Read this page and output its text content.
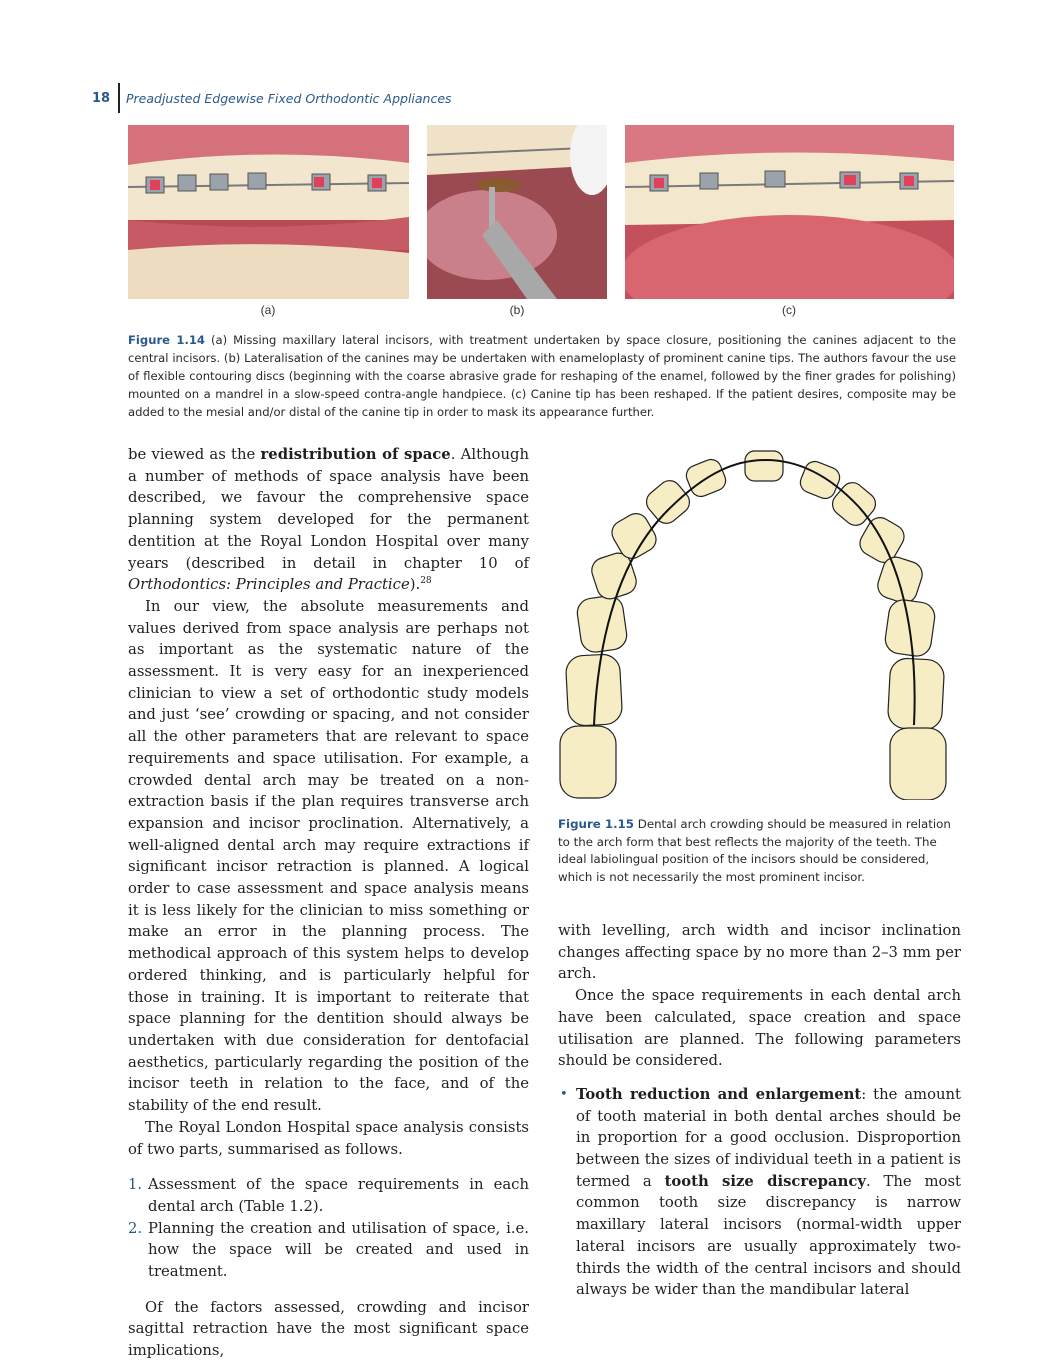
18	Preadjusted Edgewise Fixed Orthodontic Appliances
(a)	(b)	(c)
Figure 1.14 (a) Missing maxillary lateral incisors, with treatment undertaken by space closure, positioning the canines adjacent to the central incisors. (b) Lateralisation of the canines may be undertaken with enameloplasty of prominent canine tips. The authors favour the use of flexible contouring discs (beginning with the coarse abrasive grade for reshaping of the enamel, followed by the finer grades for polishing) mounted on a mandrel in a slow-speed contra-angle handpiece. (c) Canine tip has been reshaped. If the patient desires, composite may be added to the mesial and/or distal of the canine tip in order to mask its appearance further.

be viewed as the redistribution of space. Although a number of methods of space analysis have been described, we favour the comprehensive space planning system developed for the permanent dentition at the Royal London Hospital over many years (described in detail in chapter 10 of Orthodontics: Principles and Practice).$^{28}$

In our view, the absolute measurements and values derived from space analysis are perhaps not as important as the systematic nature of the assessment. It is very easy for an inexperienced clinician to view a set of orthodontic study models and just ‘see’ crowding or spacing, and not consider all the other parameters that are relevant to space requirements and space utilisation. For example, a crowded dental arch may be treated on a non-extraction basis if the plan requires transverse arch expansion and incisor proclination. Alternatively, a well-aligned dental arch may require extractions if significant incisor retraction is planned. A logical order to case assessment and space analysis means it is less likely for the clinician to miss something or make an error in the planning process. The methodical approach of this system helps to develop ordered thinking, and is particularly helpful for those in training. It is important to reiterate that space planning for the dentition should always be undertaken with due consideration for dentofacial aesthetics, particularly regarding the position of the incisor teeth in relation to the face, and of the stability of the end result.

The Royal London Hospital space analysis consists of two parts, summarised as follows.

1. Assessment of the space requirements in each dental arch (Table 1.2).
2. Planning the creation and utilisation of space, i.e. how the space will be created and used in treatment.

Of the factors assessed, crowding and incisor sagittal retraction have the most significant space implications,

Figure 1.15 Dental arch crowding should be measured in relation to the arch form that best reflects the majority of the teeth. The ideal labiolingual position of the incisors should be considered, which is not necessarily the most prominent incisor.

with levelling, arch width and incisor inclination changes affecting space by no more than 2–3 mm per arch.

Once the space requirements in each dental arch have been calculated, space creation and space utilisation are planned. The following parameters should be considered.

• Tooth reduction and enlargement: the amount of tooth material in both dental arches should be in proportion for a good occlusion. Disproportion between the sizes of individual teeth in a patient is termed a tooth size discrepancy. The most common tooth size discrepancy is narrow maxillary lateral incisors (normal-width upper lateral incisors are usually approximately two-thirds the width of the central incisors and should always be wider than the mandibular lateral
